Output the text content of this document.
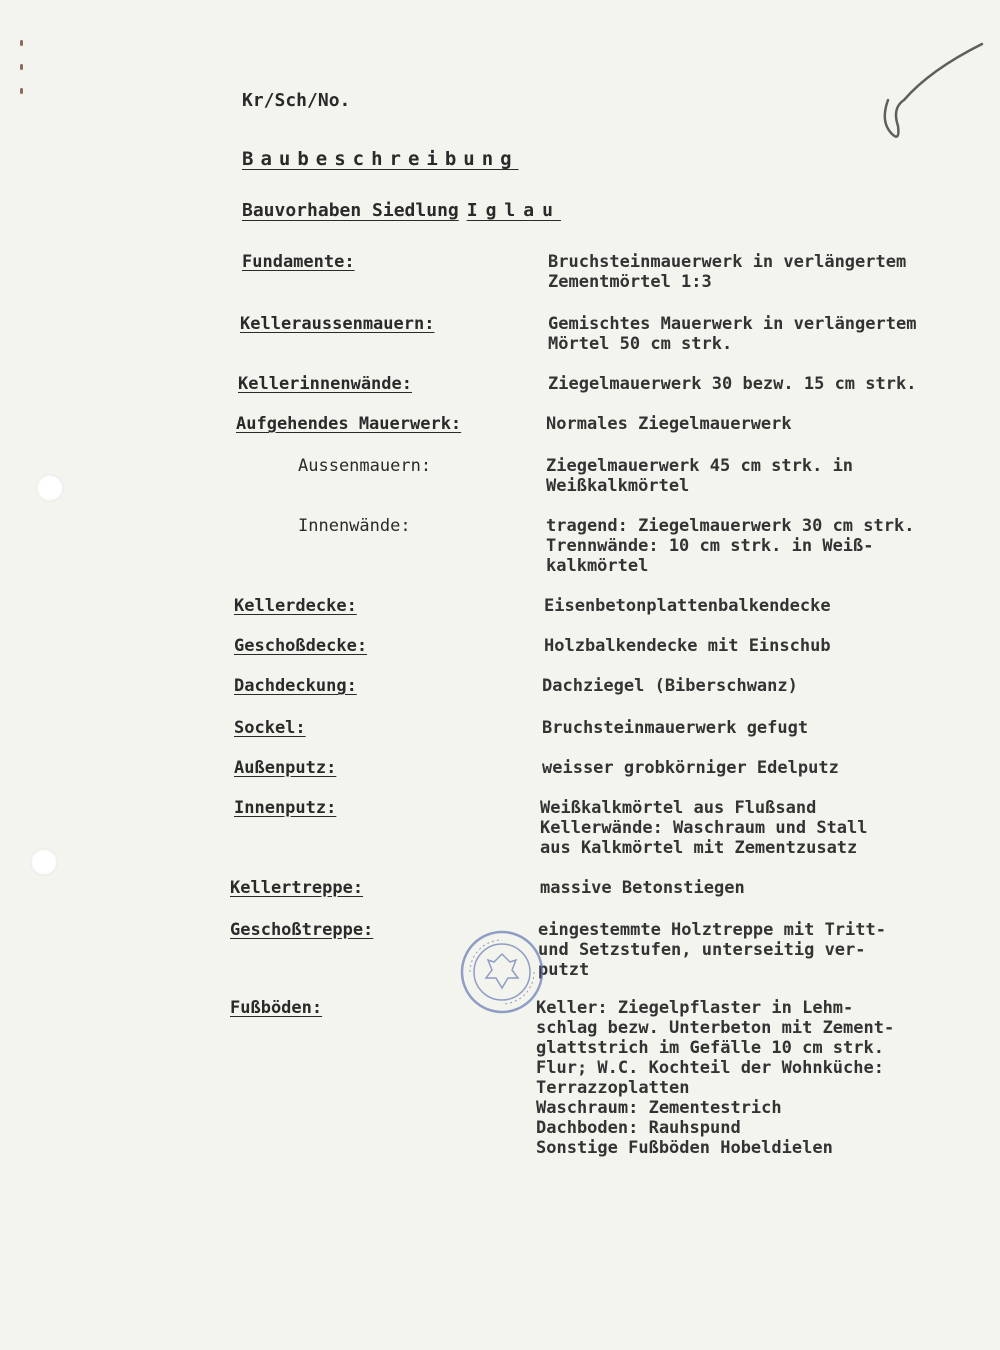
Kr/Sch/No.
Baubeschreibung
Bauvorhaben Siedlung Iglau
Fundamente:	Bruchsteinmauerwerk in verlängertem
Zementmörtel 1:3
Kelleraussenmauern:	Gemischtes Mauerwerk in verlängertem
Mörtel 50 cm strk.
Kellerinnenwände:	Ziegelmauerwerk 30 bezw. 15 cm strk.
Aufgehendes Mauerwerk:	Normales Ziegelmauerwerk
Aussenmauern:	Ziegelmauerwerk 45 cm strk. in
Weißkalkmörtel
Innenwände:	tragend: Ziegelmauerwerk 30 cm strk.
Trennwände: 10 cm strk. in Weiß-
kalkmörtel
Kellerdecke:	Eisenbetonplattenbalkendecke
Geschoßdecke:	Holzbalkendecke mit Einschub
Dachdeckung:	Dachziegel (Biberschwanz)
Sockel:	Bruchsteinmauerwerk gefugt
Außenputz:	weisser grobkörniger Edelputz
Innenputz:	Weißkalkmörtel aus Flußsand
Kellerwände: Waschraum und Stall
aus Kalkmörtel mit Zementzusatz
Kellertreppe:	massive Betonstiegen
Geschoßtreppe:	eingestemmte Holztreppe mit Tritt-
und Setzstufen, unterseitig ver-
putzt
Fußböden:	Keller: Ziegelpflaster in Lehm-
schlag bezw. Unterbeton mit Zement-
glattstrich im Gefälle 10 cm strk.
Flur; W.C. Kochteil der Wohnküche:
Terrazzoplatten
Waschraum: Zementestrich
Dachboden: Rauhspund
Sonstige Fußböden Hobeldielen
